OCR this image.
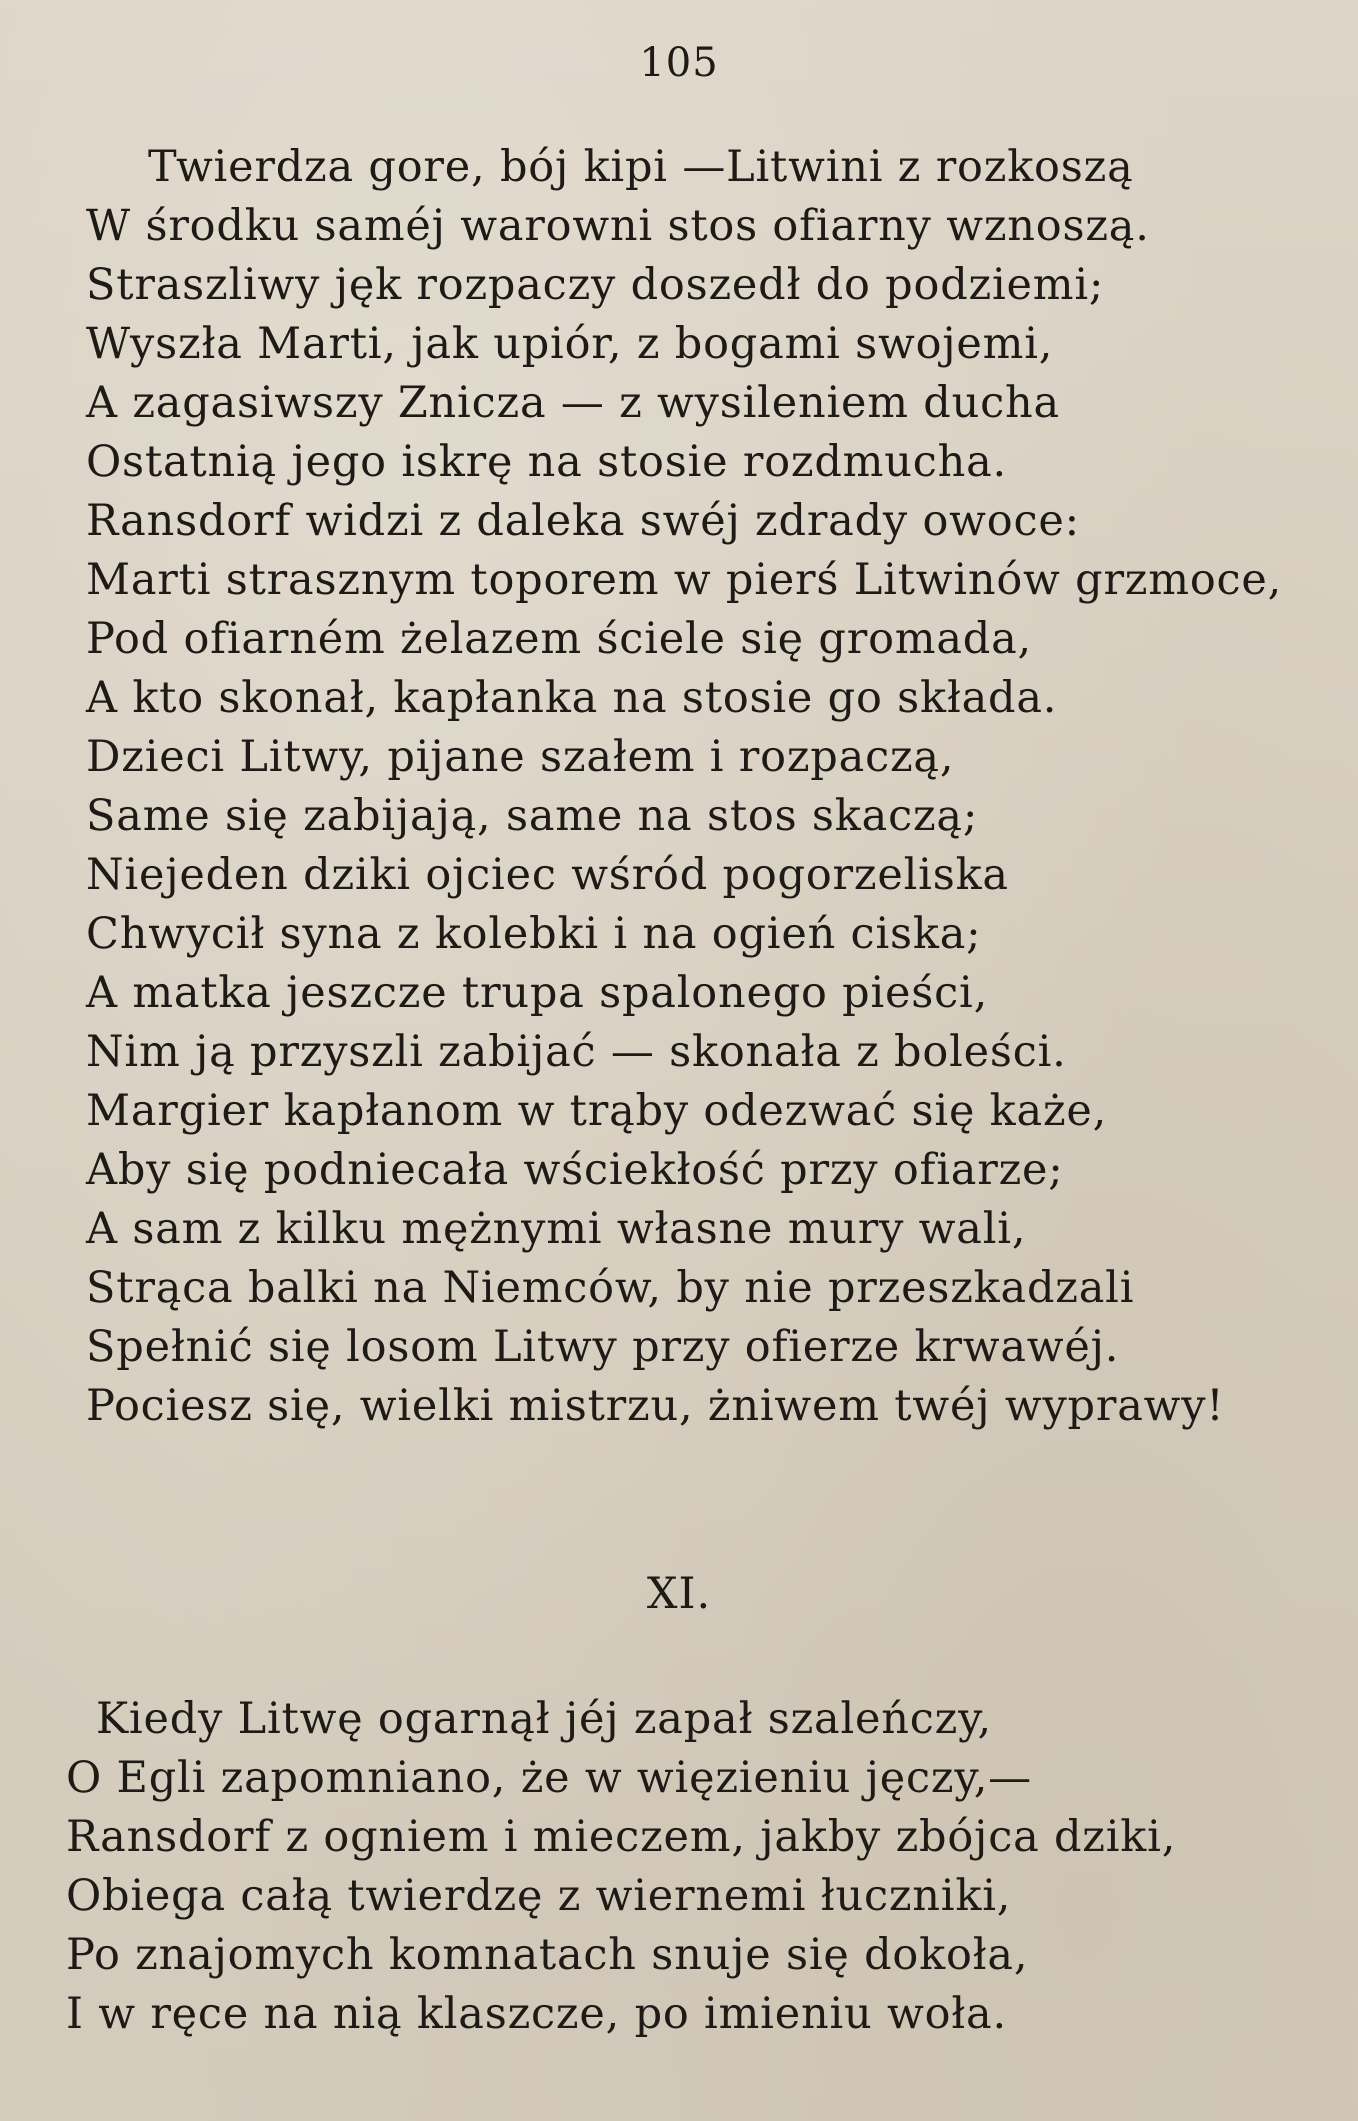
105
Twierdza gore, bój kipi —Litwini z rozkoszą
W środku saméj warowni stos ofiarny wznoszą.
Straszliwy jęk rozpaczy doszedł do podziemi;
Wyszła Marti, jak upiór, z bogami swojemi,
A zagasiwszy Znicza — z wysileniem ducha
Ostatnią jego iskrę na stosie rozdmucha.
Ransdorf widzi z daleka swéj zdrady owoce:
Marti strasznym toporem w pierś Litwinów grzmoce,
Pod ofiarném żelazem ściele się gromada,
A kto skonał, kapłanka na stosie go składa.
Dzieci Litwy, pijane szałem i rozpaczą,
Same się zabijają, same na stos skaczą;
Niejeden dziki ojciec wśród pogorzeliska
Chwycił syna z kolebki i na ogień ciska;
A matka jeszcze trupa spalonego pieści,
Nim ją przyszli zabijać — skonała z boleści.
Margier kapłanom w trąby odezwać się każe,
Aby się podniecała wściekłość przy ofiarze;
A sam z kilku mężnymi własne mury wali,
Strąca balki na Niemców, by nie przeszkadzali
Spełnić się losom Litwy przy ofierze krwawéj.
Pociesz się, wielki mistrzu, żniwem twéj wyprawy!
XI.
Kiedy Litwę ogarnął jéj zapał szaleńczy,
O Egli zapomniano, że w więzieniu jęczy,—
Ransdorf z ogniem i mieczem, jakby zbójca dziki,
Obiega całą twierdzę z wiernemi łuczniki,
Po znajomych komnatach snuje się dokoła,
I w ręce na nią klaszcze, po imieniu woła.
